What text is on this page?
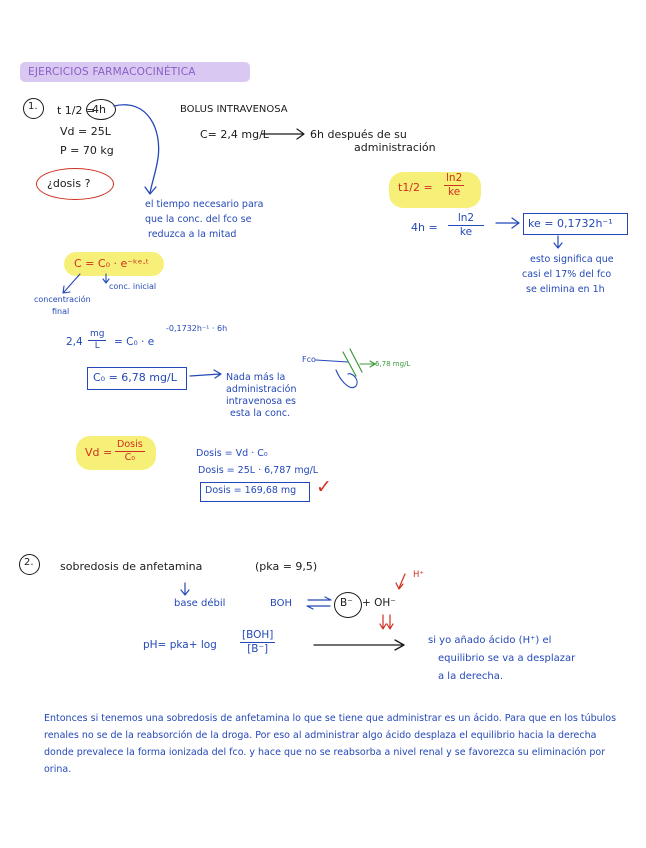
EJERCICIOS FARMACOCINÉTICA
1. t 1/2 =
4h
Vd = 25L
P = 70 kg
¿dosis ?
BOLUS INTRAVENOSA
C= 2,4 mg/L	6h después de su
administración
el tiempo necesario para
que la conc. del fco se
reduzca a la mitad
$t1/2 = \frac{\ln 2}{ke}$
$4h = \frac{\ln 2}{ke}$	ke = 0,1732h⁻¹
esto significa que
casi el 17% del fco
se elimina en 1h
C = C₀ · e⁻ᵏᵉ·ᵗ
concentración
final
conc. inicial
$2,4 \frac{mg}{L} = C_0 \cdot e$
-0,1732h⁻¹ · 6h
C₀ = 6,78 mg/L	Nada más la
administración
intravenosa es
esta la conc.
Fco	6,78 mg/L
Vd =
Dosis
C₀	Dosis = Vd · C₀
Dosis = 25L · 6,787 mg/L
Dosis = 169,68 mg ✓
2. sobredosis de anfetamina	(pka = 9,5)
base débil	BOH	B⁻ + OH⁻
H⁺
pH= pka+ log
[BOH]
[B⁻]
si yo añado ácido (H⁺) el
equilibrio se va a desplazar
a la derecha.
Entonces si tenemos una sobredosis de anfetamina lo que se tiene que administrar es un ácido. Para que en los túbulos renales no se de la reabsorción de la droga. Por eso al administrar algo ácido desplaza el equilibrio hacia la derecha donde prevalece la forma ionizada del fco. y hace que no se reabsorba a nivel renal y se favorezca su eliminación por orina.
